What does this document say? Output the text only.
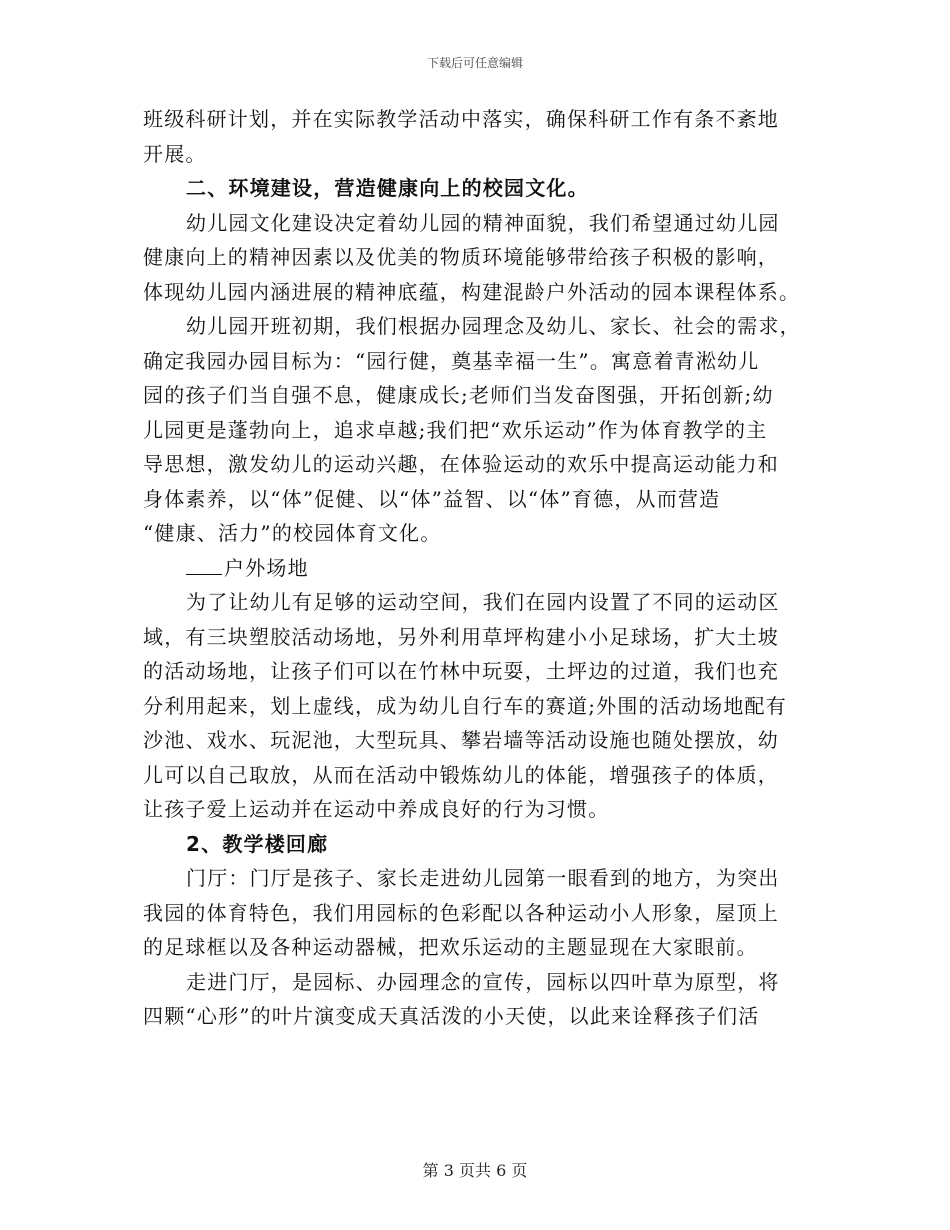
下载后可任意编辑
班级科研计划，并在实际教学活动中落实，确保科研工作有条不紊地
开展。
二、环境建设，营造健康向上的校园文化。
幼儿园文化建设决定着幼儿园的精神面貌，我们希望通过幼儿园
健康向上的精神因素以及优美的物质环境能够带给孩子积极的影响，
体现幼儿园内涵进展的精神底蕴，构建混龄户外活动的园本课程体系。
幼儿园开班初期，我们根据办园理念及幼儿、家长、社会的需求，
确定我园办园目标为：“园行健，奠基幸福一生”。寓意着青淞幼儿
园的孩子们当自强不息，健康成长;老师们当发奋图强，开拓创新;幼
儿园更是蓬勃向上，追求卓越;我们把“欢乐运动”作为体育教学的主
导思想，激发幼儿的运动兴趣，在体验运动的欢乐中提高运动能力和
身体素养，以“体”促健、以“体”益智、以“体”育德，从而营造
“健康、活力”的校园体育文化。
户外场地
为了让幼儿有足够的运动空间，我们在园内设置了不同的运动区
域，有三块塑胶活动场地，另外利用草坪构建小小足球场，扩大土坡
的活动场地，让孩子们可以在竹林中玩耍，土坪边的过道，我们也充
分利用起来，划上虚线，成为幼儿自行车的赛道;外围的活动场地配有
沙池、戏水、玩泥池，大型玩具、攀岩墙等活动设施也随处摆放，幼
儿可以自己取放，从而在活动中锻炼幼儿的体能，增强孩子的体质，
让孩子爱上运动并在运动中养成良好的行为习惯。
2、教学楼回廊
门厅：门厅是孩子、家长走进幼儿园第一眼看到的地方，为突出
我园的体育特色，我们用园标的色彩配以各种运动小人形象，屋顶上
的足球框以及各种运动器械，把欢乐运动的主题显现在大家眼前。
走进门厅，是园标、办园理念的宣传，园标以四叶草为原型，将
四颗“心形”的叶片演变成天真活泼的小天使，以此来诠释孩子们活
第 3 页共 6 页
